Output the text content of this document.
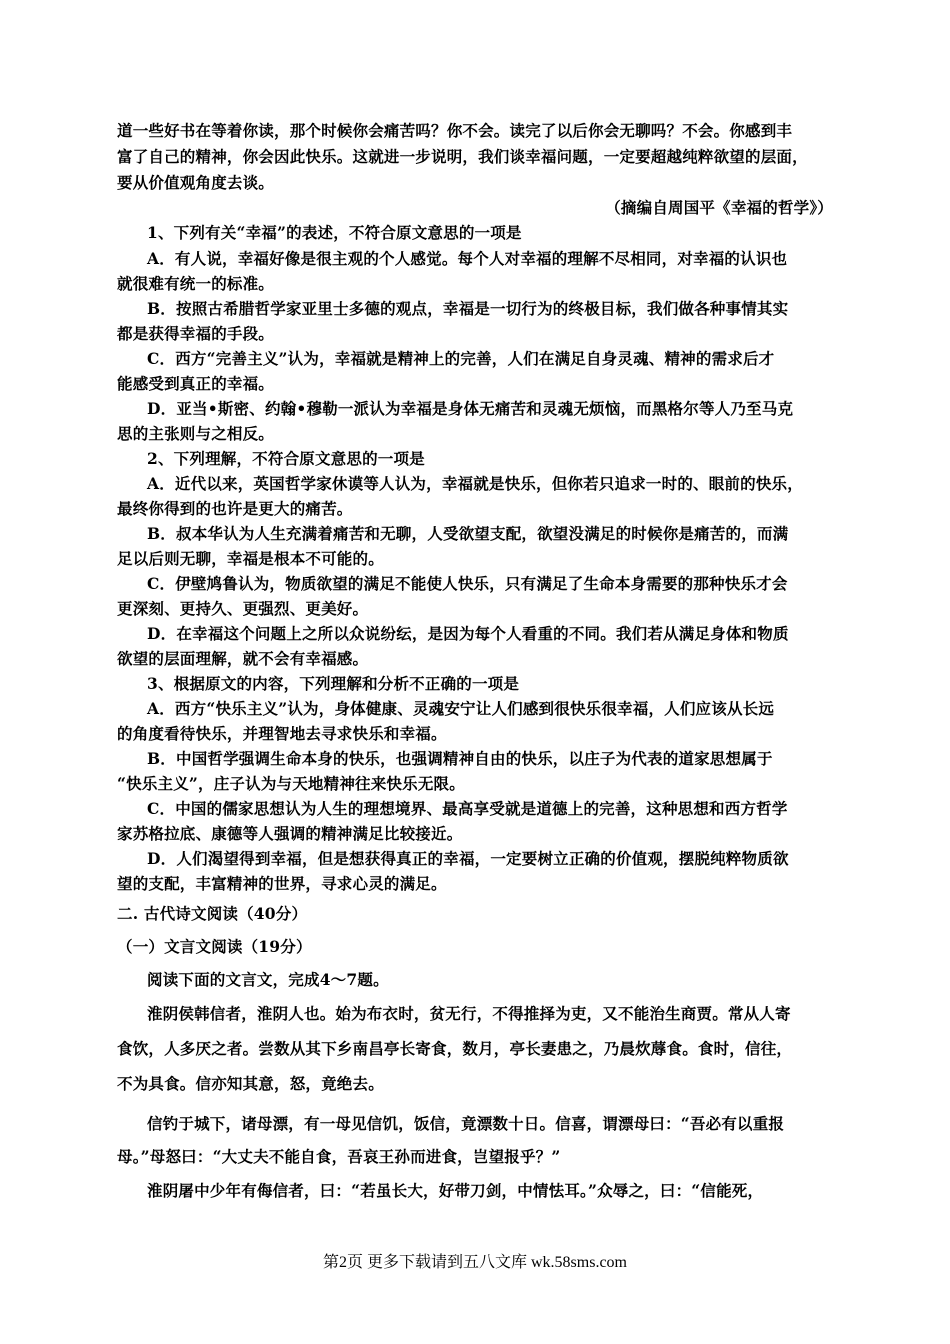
道一些好书在等着你读，那个时候你会痛苦吗？你不会。读完了以后你会无聊吗？不会。你感到丰
富了自己的精神，你会因此快乐。这就进一步说明，我们谈幸福问题，一定要超越纯粹欲望的层面，
要从价值观角度去谈。
（摘编自周国平《幸福的哲学》）
1、下列有关“幸福”的表述，不符合原文意思的一项是
A．有人说，幸福好像是很主观的个人感觉。每个人对幸福的理解不尽相同，对幸福的认识也
就很难有统一的标准。
B．按照古希腊哲学家亚里士多德的观点，幸福是一切行为的终极目标，我们做各种事情其实
都是获得幸福的手段。
C．西方“完善主义”认为，幸福就是精神上的完善，人们在满足自身灵魂、精神的需求后才
能感受到真正的幸福。
D．亚当•斯密、约翰•穆勒一派认为幸福是身体无痛苦和灵魂无烦恼，而黑格尔等人乃至马克
思的主张则与之相反。
2、下列理解，不符合原文意思的一项是
A．近代以来，英国哲学家休谟等人认为，幸福就是快乐，但你若只追求一时的、眼前的快乐，
最终你得到的也许是更大的痛苦。
B．叔本华认为人生充满着痛苦和无聊，人受欲望支配，欲望没满足的时候你是痛苦的，而满
足以后则无聊，幸福是根本不可能的。
C．伊壁鸠鲁认为，物质欲望的满足不能使人快乐，只有满足了生命本身需要的那种快乐才会
更深刻、更持久、更强烈、更美好。
D．在幸福这个问题上之所以众说纷纭，是因为每个人看重的不同。我们若从满足身体和物质
欲望的层面理解，就不会有幸福感。
3、根据原文的内容，下列理解和分析不正确的一项是
A．西方“快乐主义”认为，身体健康、灵魂安宁让人们感到很快乐很幸福，人们应该从长远
的角度看待快乐，并理智地去寻求快乐和幸福。
B．中国哲学强调生命本身的快乐，也强调精神自由的快乐，以庄子为代表的道家思想属于
“快乐主义”，庄子认为与天地精神往来快乐无限。
C．中国的儒家思想认为人生的理想境界、最高享受就是道德上的完善，这种思想和西方哲学
家苏格拉底、康德等人强调的精神满足比较接近。
D．人们渴望得到幸福，但是想获得真正的幸福，一定要树立正确的价值观，摆脱纯粹物质欲
望的支配，丰富精神的世界，寻求心灵的满足。
二. 古代诗文阅读（40分）
（一）文言文阅读（19分）
阅读下面的文言文，完成4～7题。
淮阴侯韩信者，淮阴人也。始为布衣时，贫无行，不得推择为吏，又不能治生商贾。常从人寄
食饮，人多厌之者。尝数从其下乡南昌亭长寄食，数月，亭长妻患之，乃晨炊蓐食。食时，信往，
不为具食。信亦知其意，怒，竟绝去。
信钓于城下，诸母漂，有一母见信饥，饭信，竟漂数十日。信喜，谓漂母曰：“吾必有以重报
母。”母怒曰：“大丈夫不能自食，吾哀王孙而进食，岂望报乎？”
淮阴屠中少年有侮信者，曰：“若虽长大，好带刀剑，中情怯耳。”众辱之，曰：“信能死，
第2页 更多下载请到五八文库 wk.58sms.com
